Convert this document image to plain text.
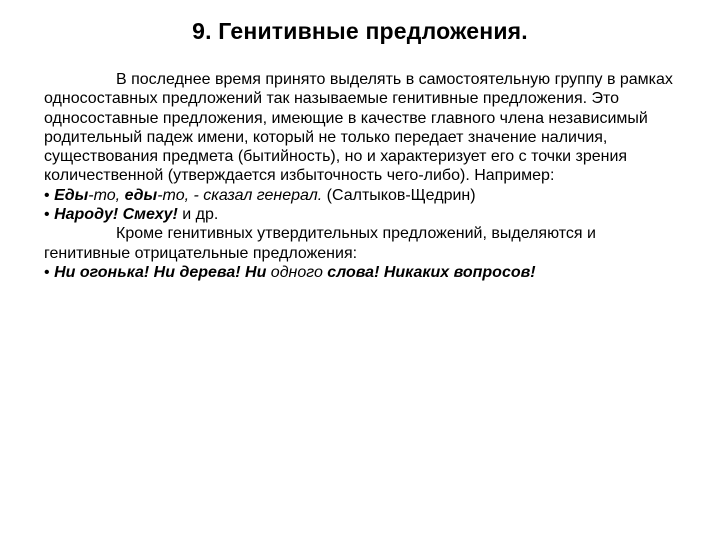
9. Генитивные предложения.

В последнее время принято выделять в самостоятельную группу в рамках односоставных предложений так называемые генитивные предложения. Это односоставные предложения, имеющие в качестве главного члена независимый родительный падеж имени, который не только передает значение наличия, существования предмета (бытийность), но и характеризует его с точки зрения количественной (утверждается избыточность чего-либо). Например:

• Еды-то, еды-то, - сказал генерал. (Салтыков-Щедрин)

• Народу! Смеху! и др.

Кроме генитивных утвердительных предложений, выделяются и генитивные отрицательные предложения:

• Ни огонька! Ни дерева! Ни одного слова! Никаких вопросов!
